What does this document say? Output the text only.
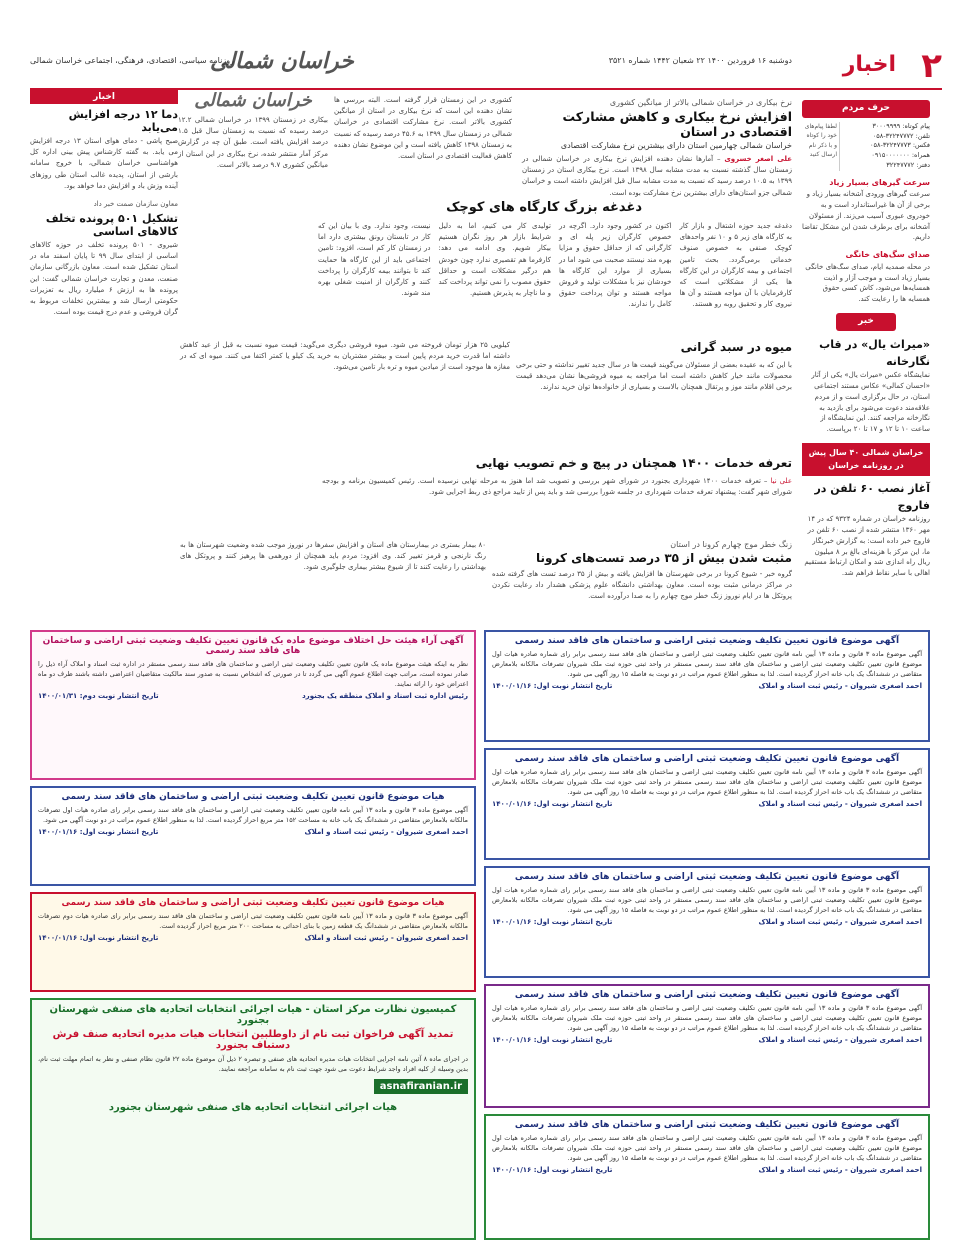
۲
اخبار
دوشنبه ۱۶ فروردین ۱۴۰۰ ۲۲ شعبان ۱۴۴۲ شماره ۳۵۲۱
خراسان شمالی
روزنامه سیاسی، اقتصادی، فرهنگی، اجتماعی خراسان شمالی
حرف مردم
پیام کوتاه: ۳۰۰۰۹۹۹۹
تلفن: ۳۲۲۴۷۷۷۲-۰۵۸
فکس: ۳۲۲۴۷۷۷۳-۰۵۸
همراه: ۰۹۱۵۰۰۰۰۰۰۰
دفتر: ۳۲۲۴۷۷۷۲
لطفا پیام‌های خود را کوتاه و با ذکر نام ارسال کنید
سرعت گیرهای بسیار زیاد
سرعت گیرهای ورودی آشخانه بسیار زیاد و برخی از آن ها غیراستاندارد است و به خودروی عبوری آسیب می‌زند. از مسئولان آشخانه برای برطرف شدن این مشکل تقاضا داریم.
صدای سگ‌های خانگی
در محله صمدیه ایام، صدای سگ‌های خانگی بسیار زیاد است و موجب آزار و اذیت همسایه‌ها می‌شود، کاش کسی حقوق همسایه ها را رعایت کند.
خبر
«میراث یال» در قاب نگارخانه
نمایشگاه عکس «میراث یال» یکی از آثار «احسان کمالی» عکاس مستند اجتماعی استان، در حال برگزاری است و از مردم علاقه‌مند دعوت می‌شود برای بازدید به نگارخانه مراجعه کنند. این نمایشگاه از ساعت ۱۰ تا ۱۲ و ۱۷ تا ۲۰ برپاست.
خراسان شمالی ۴۰ سال پیش در روزنامه خراسان
آغاز نصب ۶۰ تلفن در فاروج
روزنامه خراسان در شماره ۹۳۲۴ که در ۱۴ مهر ۱۳۶۰ منتشر شده از نصب ۶۰ تلفن در فاروج خبر داده است: به گزارش خبرنگار ما، این مرکز با هزینه‌ای بالغ بر ۸ میلیون ریال راه اندازی شد و امکان ارتباط مستقیم اهالی با سایر نقاط فراهم شد.
نرخ بیکاری در خراسان شمالی بالاتر از میانگین کشوری
افزایش نرخ بیکاری و کاهش مشارکت اقتصادی در استان
خراسان شمالی چهارمین استان دارای بیشترین نرخ مشارکت اقتصادی
علی اصغر خسروی – آمارها نشان دهنده افزایش نرخ بیکاری در خراسان شمالی در زمستان سال گذشته نسبت به مدت مشابه سال ۱۳۹۸ است. نرخ بیکاری استان در زمستان ۱۳۹۹ به ۱۰.۵ درصد رسید که نسبت به مدت مشابه سال قبل افزایش داشته است و خراسان شمالی جزو استان‌های دارای بیشترین نرخ مشارکت بوده است.
کشوری در این زمستان قرار گرفته است. البته بررسی ها نشان دهنده این است که نرخ بیکاری در استان از میانگین کشوری بالاتر است. نرخ مشارکت اقتصادی در خراسان شمالی در زمستان سال ۱۳۹۹ به ۴۵.۶ درصد رسیده که نسبت به زمستان ۱۳۹۸ کاهش یافته است و این موضوع نشان دهنده کاهش فعالیت اقتصادی در استان است.
خراسان شمالی
بیکاری در زمستان ۱۳۹۹ در خراسان شمالی ۱۲.۲ درصد رسیده که نسبت به زمستان سال قبل ۱.۵ درصد افزایش یافته است. طبق آن چه در گزارش مرکز آمار منتشر شده، نرخ بیکاری در این استان از میانگین کشوری ۹.۷ درصد بالاتر است.
دغدغه بزرگ کارگاه های کوچک
دغدغه جدید حوزه اشتغال و بازار کار به کارگاه های زیر ۵ و ۱۰ نفر واحدهای کوچک صنفی به خصوص صنوف خدماتی برمی‌گردد. بحث تامین اجتماعی و بیمه کارگران در این کارگاه ها یکی از مشکلاتی است که کارفرمایان با آن مواجه هستند و آن ها نیروی کار و تحقیق روبه رو هستند.
اکنون در کشور وجود دارد. اگرچه در خصوص کارگران زیر پله ای و کارگرانی که از حداقل حقوق و مزایا بهره مند نیستند صحبت می شود اما در بسیاری از موارد این کارگاه ها خودشان نیز با مشکلات تولید و فروش مواجه هستند و توان پرداخت حقوق کامل را ندارند.
تولیدی کار می کنیم، اما به دلیل شرایط بازار هر روز نگران هستیم بیکار شویم. وی ادامه می دهد: کارفرما هم تقصیری ندارد چون خودش هم درگیر مشکلات است و حداقل حقوق مصوب را نمی تواند پرداخت کند و ما ناچار به پذیرش هستیم.
نیست، وجود ندارد. وی با بیان این که کار در تابستان رونق بیشتری دارد اما در زمستان کار کم است، افزود: تامین اجتماعی باید از این کارگاه ها حمایت کند تا بتوانند بیمه کارگران را پرداخت کنند و کارگران از امنیت شغلی بهره مند شوند.
اخبار
دما ۱۲ درجه افزایش می‌یابد
صبح پاشی - دمای هوای استان ۱۳ درجه افزایش می یابد. به گفته کارشناس پیش بینی اداره کل هواشناسی خراسان شمالی، با خروج سامانه بارشی از استان، پدیده غالب استان طی روزهای آینده وزش باد و افزایش دما خواهد بود.
معاون سازمان صمت خبر داد
تشکیل ۵۰۱ پرونده تخلف کالاهای اساسی
شیروی - ۵۰۱ پرونده تخلف در حوزه کالاهای اساسی از ابتدای سال ۹۹ تا پایان اسفند ماه در استان تشکیل شده است. معاون بازرگانی سازمان صنعت، معدن و تجارت خراسان شمالی گفت: این پرونده ها به ارزش ۶ میلیارد ریال به تعزیرات حکومتی ارسال شد و بیشترین تخلفات مربوط به گران فروشی و عدم درج قیمت بوده است.
میوه در سبد گرانی
با این که به عقیده بعضی از مسئولان می‌گویند قیمت ها در سال جدید تغییر نداشته و حتی برخی محصولات مانند خیار کاهش داشته است اما مراجعه به میوه فروشی‌ها نشان می‌دهد قیمت برخی اقلام مانند موز و پرتقال همچنان بالاست و بسیاری از خانواده‌ها توان خرید ندارند.
کیلویی ۲۵ هزار تومان فروخته می شود. میوه فروشی دیگری می‌گوید: قیمت میوه نسبت به قبل از عید کاهش داشته اما قدرت خرید مردم پایین است و بیشتر مشتریان به خرید یک کیلو یا کمتر اکتفا می کنند. میوه ای که در مغازه ها موجود است از میادین میوه و تره بار تامین می‌شود.
تعرفه خدمات ۱۴۰۰ همچنان در پیچ و خم تصویب نهایی
علی نیا – تعرفه خدمات ۱۴۰۰ شهرداری بجنورد در شورای شهر بررسی و تصویب شد اما هنوز به مرحله نهایی نرسیده است. رئیس کمیسیون برنامه و بودجه شورای شهر گفت: پیشنهاد تعرفه خدمات شهرداری در جلسه شورا بررسی شد و باید پس از تایید مراجع ذی ربط اجرایی شود.
زنگ خطر موج چهارم کرونا در استان
مثبت شدن بیش از ۳۵ درصد تست‌های کرونا
گروه خبر - شیوع کرونا در برخی شهرستان ها افزایش یافته و بیش از ۳۵ درصد تست های گرفته شده در مراکز درمانی مثبت بوده است. معاون بهداشتی دانشگاه علوم پزشکی هشدار داد رعایت نکردن پروتکل ها در ایام نوروز زنگ خطر موج چهارم را به صدا درآورده است.
۸۰ بیمار بستری در بیمارستان های استان و افزایش سفرها در نوروز موجب شده وضعیت شهرستان ها به رنگ نارنجی و قرمز تغییر کند. وی افزود: مردم باید همچنان از دورهمی ها پرهیز کنند و پروتکل های بهداشتی را رعایت کنند تا از شیوع بیشتر بیماری جلوگیری شود.
آگهی موضوع قانون تعیین تکلیف وضعیت ثبتی اراضی و ساختمان های فاقد سند رسمی
آگهی موضوع ماده ۳ قانون و ماده ۱۳ آیین نامه قانون تعیین تکلیف وضعیت ثبتی اراضی و ساختمان های فاقد سند رسمی برابر رای شماره صادره هیات اول موضوع قانون تعیین تکلیف وضعیت ثبتی اراضی و ساختمان های فاقد سند رسمی مستقر در واحد ثبتی حوزه ثبت ملک شیروان تصرفات مالکانه بلامعارض متقاضی در ششدانگ یک باب خانه احراز گردیده است. لذا به منظور اطلاع عموم مراتب در دو نوبت به فاصله ۱۵ روز آگهی می شود.
احمد اصغری شیروان - رئیس ثبت اسناد و املاک
تاریخ انتشار نوبت اول: ۱۴۰۰/۰۱/۱۶
آگهی موضوع قانون تعیین تکلیف وضعیت ثبتی اراضی و ساختمان های فاقد سند رسمی
آگهی موضوع ماده ۳ قانون و ماده ۱۳ آیین نامه قانون تعیین تکلیف وضعیت ثبتی اراضی و ساختمان های فاقد سند رسمی برابر رای شماره صادره هیات اول موضوع قانون تعیین تکلیف وضعیت ثبتی اراضی و ساختمان های فاقد سند رسمی مستقر در واحد ثبتی حوزه ثبت ملک شیروان تصرفات مالکانه بلامعارض متقاضی در ششدانگ یک باب خانه احراز گردیده است. لذا به منظور اطلاع عموم مراتب در دو نوبت به فاصله ۱۵ روز آگهی می شود.
احمد اصغری شیروان - رئیس ثبت اسناد و املاک
تاریخ انتشار نوبت اول: ۱۴۰۰/۰۱/۱۶
آگهی موضوع قانون تعیین تکلیف وضعیت ثبتی اراضی و ساختمان های فاقد سند رسمی
آگهی موضوع ماده ۳ قانون و ماده ۱۳ آیین نامه قانون تعیین تکلیف وضعیت ثبتی اراضی و ساختمان های فاقد سند رسمی برابر رای شماره صادره هیات اول موضوع قانون تعیین تکلیف وضعیت ثبتی اراضی و ساختمان های فاقد سند رسمی مستقر در واحد ثبتی حوزه ثبت ملک شیروان تصرفات مالکانه بلامعارض متقاضی در ششدانگ یک باب خانه احراز گردیده است. لذا به منظور اطلاع عموم مراتب در دو نوبت به فاصله ۱۵ روز آگهی می شود.
احمد اصغری شیروان - رئیس ثبت اسناد و املاک
تاریخ انتشار نوبت اول: ۱۴۰۰/۰۱/۱۶
آگهی موضوع قانون تعیین تکلیف وضعیت ثبتی اراضی و ساختمان های فاقد سند رسمی
آگهی موضوع ماده ۳ قانون و ماده ۱۳ آیین نامه قانون تعیین تکلیف وضعیت ثبتی اراضی و ساختمان های فاقد سند رسمی برابر رای شماره صادره هیات اول موضوع قانون تعیین تکلیف وضعیت ثبتی اراضی و ساختمان های فاقد سند رسمی مستقر در واحد ثبتی حوزه ثبت ملک شیروان تصرفات مالکانه بلامعارض متقاضی در ششدانگ یک باب خانه احراز گردیده است. لذا به منظور اطلاع عموم مراتب در دو نوبت به فاصله ۱۵ روز آگهی می شود.
احمد اصغری شیروان - رئیس ثبت اسناد و املاک
تاریخ انتشار نوبت اول: ۱۴۰۰/۰۱/۱۶
آگهی موضوع قانون تعیین تکلیف وضعیت ثبتی اراضی و ساختمان های فاقد سند رسمی
آگهی موضوع ماده ۳ قانون و ماده ۱۳ آیین نامه قانون تعیین تکلیف وضعیت ثبتی اراضی و ساختمان های فاقد سند رسمی برابر رای شماره صادره هیات اول موضوع قانون تعیین تکلیف وضعیت ثبتی اراضی و ساختمان های فاقد سند رسمی مستقر در واحد ثبتی حوزه ثبت ملک شیروان تصرفات مالکانه بلامعارض متقاضی در ششدانگ یک باب خانه احراز گردیده است. لذا به منظور اطلاع عموم مراتب در دو نوبت به فاصله ۱۵ روز آگهی می شود.
احمد اصغری شیروان - رئیس ثبت اسناد و املاک
تاریخ انتشار نوبت اول: ۱۴۰۰/۰۱/۱۶
آگهی آراء هیئت حل اختلاف موضوع ماده یک قانون تعیین تکلیف وضعیت ثبتی اراضی و ساختمان های فاقد سند رسمی
نظر به اینکه هیئت موضوع ماده یک قانون تعیین تکلیف وضعیت ثبتی اراضی و ساختمان های فاقد سند رسمی مستقر در اداره ثبت اسناد و املاک آراء ذیل را صادر نموده است، مراتب جهت اطلاع عموم آگهی می گردد تا در صورتی که اشخاص نسبت به صدور سند مالکیت متقاضیان اعتراضی داشته باشند ظرف دو ماه اعتراض خود را ارائه نمایند.
رئیس اداره ثبت اسناد و املاک منطقه یک بجنورد
تاریخ انتشار نوبت دوم: ۱۴۰۰/۰۱/۳۱
هیات موضوع قانون تعیین تکلیف وضعیت ثبتی اراضی و ساختمان های فاقد سند رسمی
آگهی موضوع ماده ۳ قانون و ماده ۱۳ آیین نامه قانون تعیین تکلیف وضعیت ثبتی اراضی و ساختمان های فاقد سند رسمی برابر رای صادره هیات اول تصرفات مالکانه بلامعارض متقاضی در ششدانگ یک باب خانه به مساحت ۱۵۲ متر مربع احراز گردیده است. لذا به منظور اطلاع عموم مراتب در دو نوبت آگهی می شود.
احمد اصغری شیروان - رئیس ثبت اسناد و املاک
تاریخ انتشار نوبت اول: ۱۴۰۰/۰۱/۱۶
هیات موضوع قانون تعیین تکلیف وضعیت ثبتی اراضی و ساختمان های فاقد سند رسمی
آگهی موضوع ماده ۳ قانون و ماده ۱۳ آیین نامه قانون تعیین تکلیف وضعیت ثبتی اراضی و ساختمان های فاقد سند رسمی برابر رای صادره هیات دوم تصرفات مالکانه بلامعارض متقاضی در ششدانگ یک قطعه زمین با بنای احداثی به مساحت ۲۰۰ متر مربع احراز گردیده است.
احمد اصغری شیروان - رئیس ثبت اسناد و املاک
تاریخ انتشار نوبت اول: ۱۴۰۰/۰۱/۱۶
کمیسیون نظارت مرکز استان - هیات اجرائی انتخابات اتحادیه های صنفی شهرستان بجنورد
تمدید آگهی فراخوان ثبت نام از داوطلبین انتخابات هیات مدیره اتحادیه صنف فرش دستباف بجنورد
در اجرای ماده ۸ آئین نامه اجرایی انتخابات هیات مدیره اتحادیه های صنفی و تبصره ۲ ذیل آن موضوع ماده ۲۲ قانون نظام صنفی و نظر به اتمام مهلت ثبت نام، بدین وسیله از کلیه افراد واجد شرایط دعوت می شود جهت ثبت نام به سامانه مراجعه نمایند.
asnafiranian.ir
هیات اجرائی انتخابات اتحادیه های صنفی شهرستان بجنورد
